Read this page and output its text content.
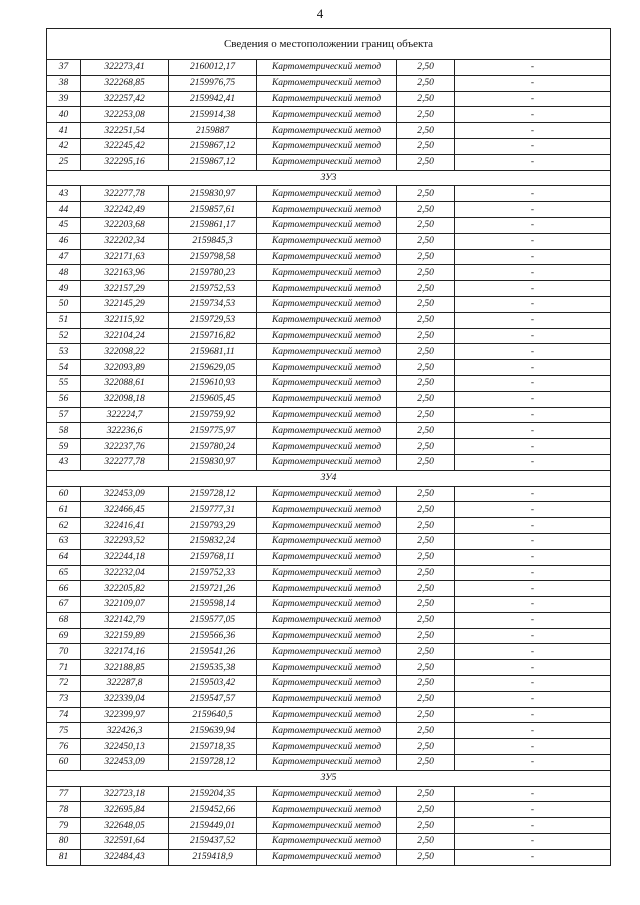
4
Сведения о местоположении границ объекта					
37	322273,41	2160012,17	Картометрический метод	2,50	-
38	322268,85	2159976,75	Картометрический метод	2,50	-
39	322257,42	2159942,41	Картометрический метод	2,50	-
40	322253,08	2159914,38	Картометрический метод	2,50	-
41	322251,54	2159887	Картометрический метод	2,50	-
42	322245,42	2159867,12	Картометрический метод	2,50	-
25	322295,16	2159867,12	Картометрический метод	2,50	-
ЗУ3					
43	322277,78	2159830,97	Картометрический метод	2,50	-
44	322242,49	2159857,61	Картометрический метод	2,50	-
45	322203,68	2159861,17	Картометрический метод	2,50	-
46	322202,34	2159845,3	Картометрический метод	2,50	-
47	322171,63	2159798,58	Картометрический метод	2,50	-
48	322163,96	2159780,23	Картометрический метод	2,50	-
49	322157,29	2159752,53	Картометрический метод	2,50	-
50	322145,29	2159734,53	Картометрический метод	2,50	-
51	322115,92	2159729,53	Картометрический метод	2,50	-
52	322104,24	2159716,82	Картометрический метод	2,50	-
53	322098,22	2159681,11	Картометрический метод	2,50	-
54	322093,89	2159629,05	Картометрический метод	2,50	-
55	322088,61	2159610,93	Картометрический метод	2,50	-
56	322098,18	2159605,45	Картометрический метод	2,50	-
57	322224,7	2159759,92	Картометрический метод	2,50	-
58	322236,6	2159775,97	Картометрический метод	2,50	-
59	322237,76	2159780,24	Картометрический метод	2,50	-
43	322277,78	2159830,97	Картометрический метод	2,50	-
ЗУ4					
60	322453,09	2159728,12	Картометрический метод	2,50	-
61	322466,45	2159777,31	Картометрический метод	2,50	-
62	322416,41	2159793,29	Картометрический метод	2,50	-
63	322293,52	2159832,24	Картометрический метод	2,50	-
64	322244,18	2159768,11	Картометрический метод	2,50	-
65	322232,04	2159752,33	Картометрический метод	2,50	-
66	322205,82	2159721,26	Картометрический метод	2,50	-
67	322109,07	2159598,14	Картометрический метод	2,50	-
68	322142,79	2159577,05	Картометрический метод	2,50	-
69	322159,89	2159566,36	Картометрический метод	2,50	-
70	322174,16	2159541,26	Картометрический метод	2,50	-
71	322188,85	2159535,38	Картометрический метод	2,50	-
72	322287,8	2159503,42	Картометрический метод	2,50	-
73	322339,04	2159547,57	Картометрический метод	2,50	-
74	322399,97	2159640,5	Картометрический метод	2,50	-
75	322426,3	2159639,94	Картометрический метод	2,50	-
76	322450,13	2159718,35	Картометрический метод	2,50	-
60	322453,09	2159728,12	Картометрический метод	2,50	-
ЗУ5					
77	322723,18	2159204,35	Картометрический метод	2,50	-
78	322695,84	2159452,66	Картометрический метод	2,50	-
79	322648,05	2159449,01	Картометрический метод	2,50	-
80	322591,64	2159437,52	Картометрический метод	2,50	-
81	322484,43	2159418,9	Картометрический метод	2,50	-
